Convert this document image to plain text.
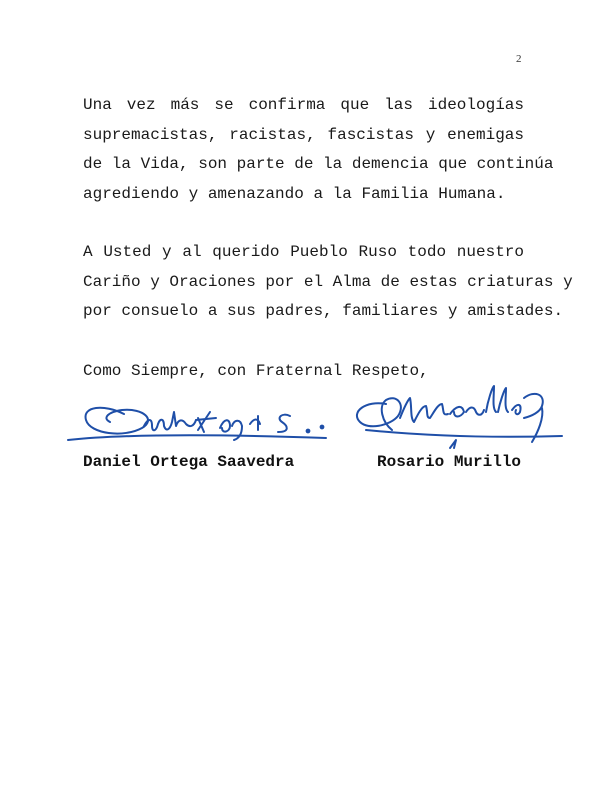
2

Una vez más se confirma que las ideologías
supremacistas, racistas, fascistas y enemigas
de la Vida, son parte de la demencia que continúa
agrediendo y amenazando a la Familia Humana.

A Usted y al querido Pueblo Ruso todo nuestro
Cariño y Oraciones por el Alma de estas criaturas y
por consuelo a sus padres, familiares y amistades.

Como Siempre, con Fraternal Respeto,
Daniel Ortega Saavedra	Rosario Murillo
